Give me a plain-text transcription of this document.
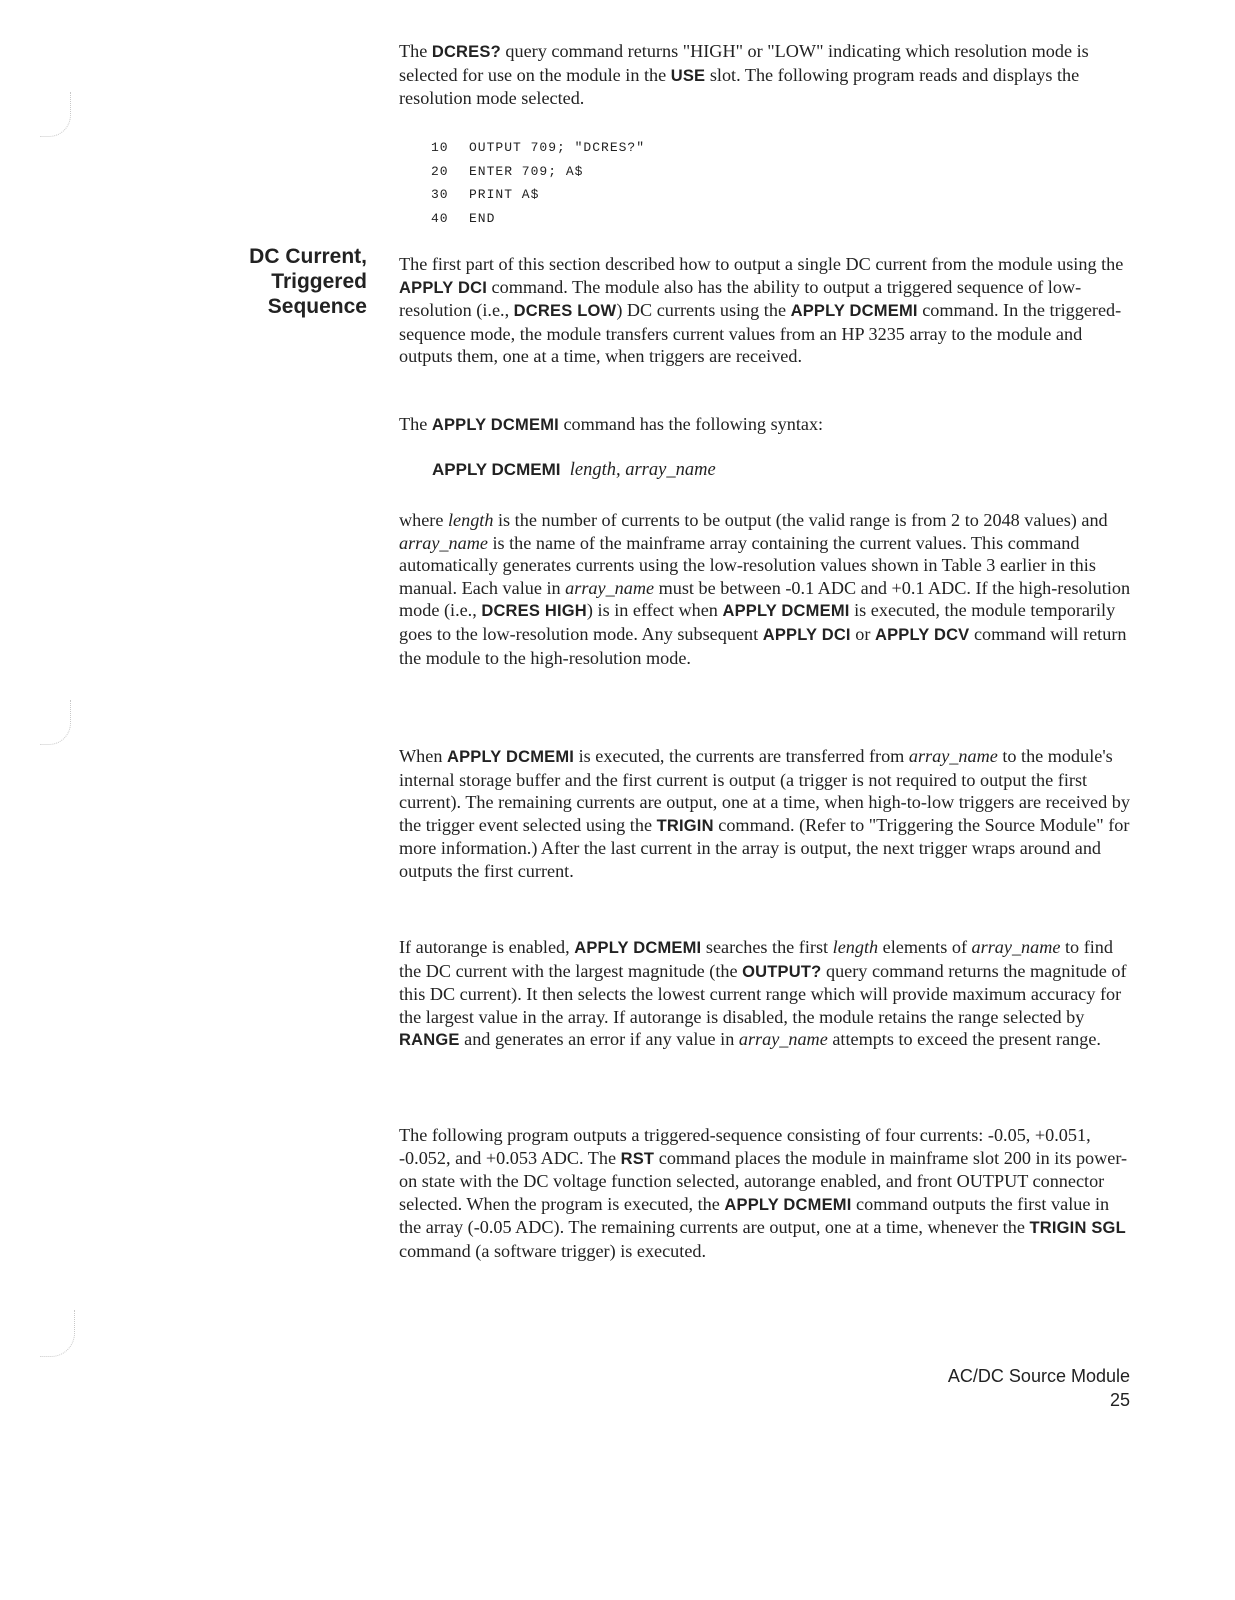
The DCRES? query command returns "HIGH" or "LOW" indicating which resolution mode is selected for use on the module in the USE slot. The following program reads and displays the resolution mode selected.

10 OUTPUT 709; "DCRES?"
20 ENTER 709; A$
30 PRINT A$
40 END
DC Current,
Triggered
Sequence

The first part of this section described how to output a single DC current from the module using the APPLY DCI command. The module also has the ability to output a triggered sequence of low-resolution (i.e., DCRES LOW) DC currents using the APPLY DCMEMI command. In the triggered-sequence mode, the module transfers current values from an HP 3235 array to the module and outputs them, one at a time, when triggers are received.

The APPLY DCMEMI command has the following syntax:

APPLY DCMEMI length, array_name

where length is the number of currents to be output (the valid range is from 2 to 2048 values) and array_name is the name of the mainframe array containing the current values. This command automatically generates currents using the low-resolution values shown in Table 3 earlier in this manual. Each value in array_name must be between -0.1 ADC and +0.1 ADC. If the high-resolution mode (i.e., DCRES HIGH) is in effect when APPLY DCMEMI is executed, the module temporarily goes to the low-resolution mode. Any subsequent APPLY DCI or APPLY DCV command will return the module to the high-resolution mode.

When APPLY DCMEMI is executed, the currents are transferred from array_name to the module's internal storage buffer and the first current is output (a trigger is not required to output the first current). The remaining currents are output, one at a time, when high-to-low triggers are received by the trigger event selected using the TRIGIN command. (Refer to "Triggering the Source Module" for more information.) After the last current in the array is output, the next trigger wraps around and outputs the first current.

If autorange is enabled, APPLY DCMEMI searches the first length elements of array_name to find the DC current with the largest magnitude (the OUTPUT? query command returns the magnitude of this DC current). It then selects the lowest current range which will provide maximum accuracy for the largest value in the array. If autorange is disabled, the module retains the range selected by RANGE and generates an error if any value in array_name attempts to exceed the present range.

The following program outputs a triggered-sequence consisting of four currents: -0.05, +0.051, -0.052, and +0.053 ADC. The RST command places the module in mainframe slot 200 in its power-on state with the DC voltage function selected, autorange enabled, and front OUTPUT connector selected. When the program is executed, the APPLY DCMEMI command outputs the first value in the array (-0.05 ADC). The remaining currents are output, one at a time, whenever the TRIGIN SGL command (a software trigger) is executed.

AC/DC Source Module
25
